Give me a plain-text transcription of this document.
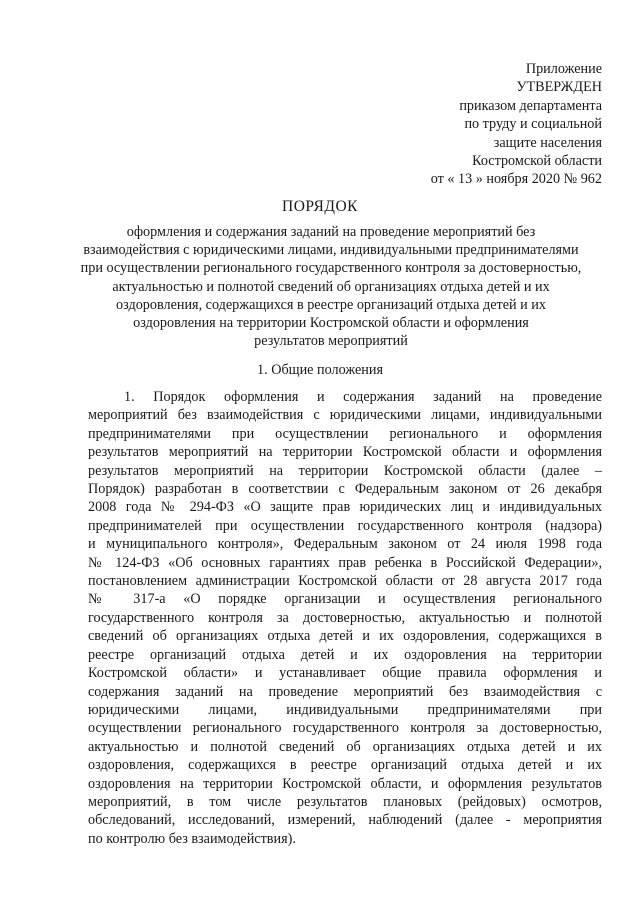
Приложение
УТВЕРЖДЕН
приказом департамента
по труду и социальной
защите населения
Костромской области
от « 13 » ноября 2020 № 962
ПОРЯДОК
оформления и содержания заданий на проведение мероприятий без
взаимодействия с юридическими лицами, индивидуальными предпринимателями
при осуществлении регионального государственного контроля за достоверностью,
актуальностью и полнотой сведений об организациях отдыха детей и их
оздоровления, содержащихся в реестре организаций отдыха детей и их
оздоровления на территории Костромской области и оформления
результатов мероприятий
1. Общие положения
1. Порядок оформления и содержания заданий на проведение
мероприятий без взаимодействия с юридическими лицами, индивидуальными
предпринимателями при осуществлении регионального и оформления
результатов мероприятий на территории Костромской области и оформления
результатов мероприятий на территории Костромской области (далее –
Порядок) разработан в соответствии с Федеральным законом от 26 декабря
2008 года № 294-ФЗ «О защите прав юридических лиц и индивидуальных
предпринимателей при осуществлении государственного контроля (надзора)
и муниципального контроля», Федеральным законом от 24 июля 1998 года
№ 124-ФЗ «Об основных гарантиях прав ребенка в Российской Федерации»,
постановлением администрации Костромской области от 28 августа 2017 года
№ 317-а «О порядке организации и осуществления регионального
государственного контроля за достоверностью, актуальностью и полнотой
сведений об организациях отдыха детей и их оздоровления, содержащихся в
реестре организаций отдыха детей и их оздоровления на территории
Костромской области» и устанавливает общие правила оформления и
содержания заданий на проведение мероприятий без взаимодействия с
юридическими лицами, индивидуальными предпринимателями при
осуществлении регионального государственного контроля за достоверностью,
актуальностью и полнотой сведений об организациях отдыха детей и их
оздоровления, содержащихся в реестре организаций отдыха детей и их
оздоровления на территории Костромской области, и оформления результатов
мероприятий, в том числе результатов плановых (рейдовых) осмотров,
обследований, исследований, измерений, наблюдений (далее - мероприятия
по контролю без взаимодействия).
